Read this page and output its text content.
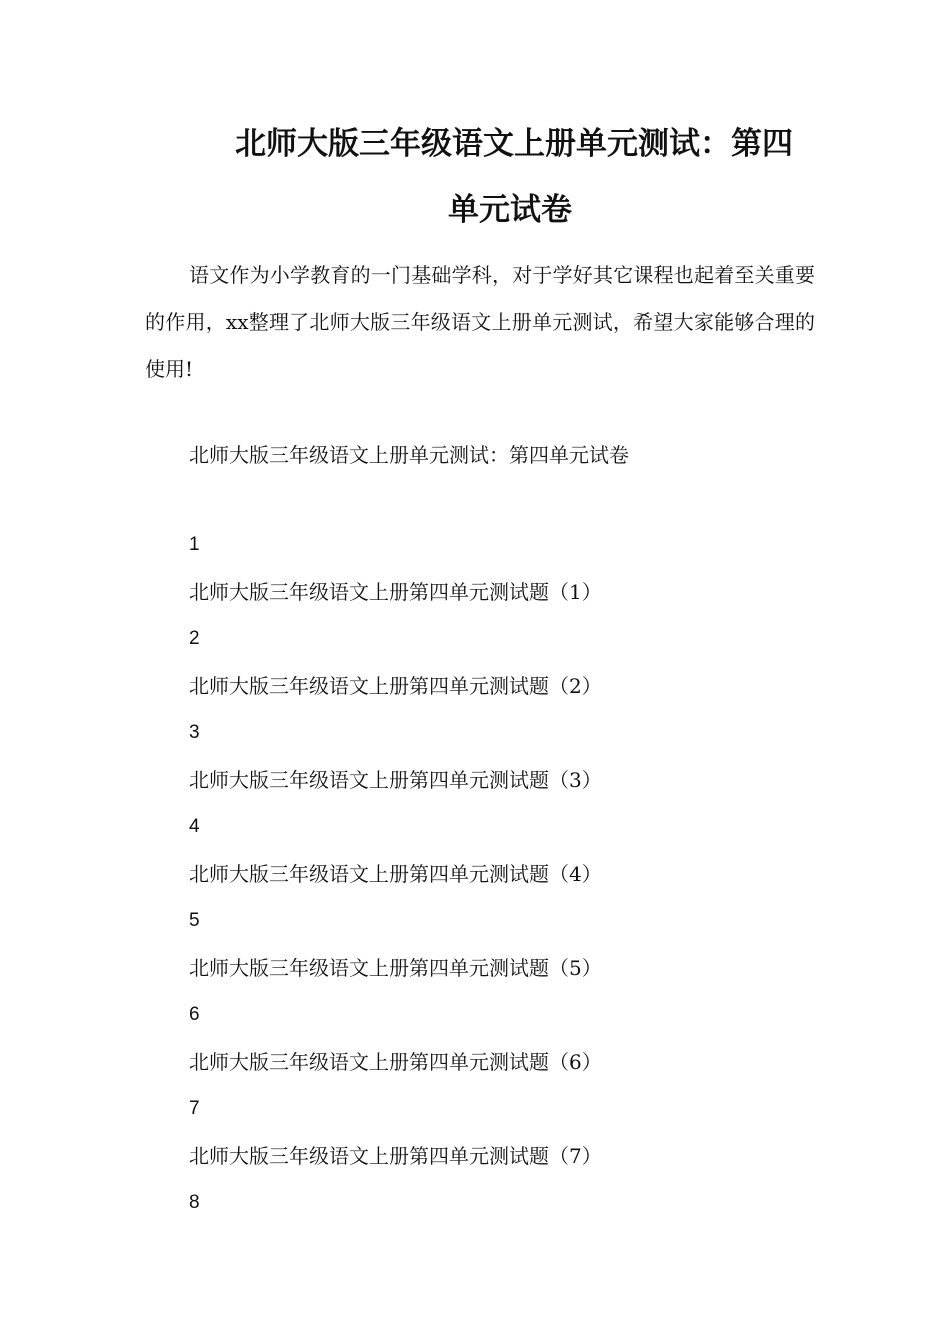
北师大版三年级语文上册单元测试：第四
单元试卷

语文作为小学教育的一门基础学科，对于学好其它课程也起着至关重要的作用，xx整理了北师大版三年级语文上册单元测试，希望大家能够合理的使用!

北师大版三年级语文上册单元测试：第四单元试卷

1
北师大版三年级语文上册第四单元测试题（1）
2
北师大版三年级语文上册第四单元测试题（2）
3
北师大版三年级语文上册第四单元测试题（3）
4
北师大版三年级语文上册第四单元测试题（4）
5
北师大版三年级语文上册第四单元测试题（5）
6
北师大版三年级语文上册第四单元测试题（6）
7
北师大版三年级语文上册第四单元测试题（7）
8
